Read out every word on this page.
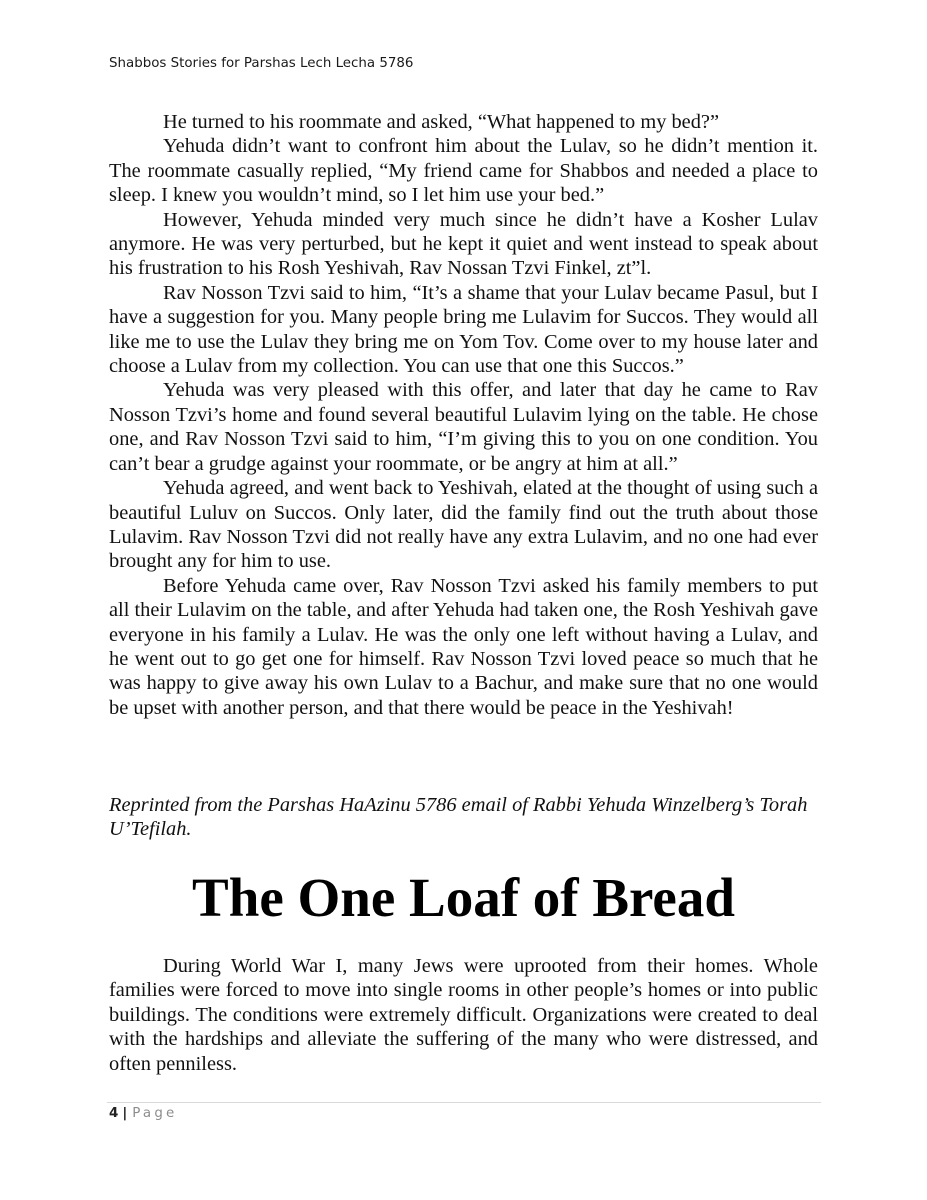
Shabbos Stories for Parshas Lech Lecha 5786

He turned to his roommate and asked, “What happened to my bed?”

Yehuda didn’t want to confront him about the Lulav, so he didn’t mention it. The roommate casually replied, “My friend came for Shabbos and needed a place to sleep. I knew you wouldn’t mind, so I let him use your bed.”

However, Yehuda minded very much since he didn’t have a Kosher Lulav anymore. He was very perturbed, but he kept it quiet and went instead to speak about his frustration to his Rosh Yeshivah, Rav Nossan Tzvi Finkel, zt”l.

Rav Nosson Tzvi said to him, “It’s a shame that your Lulav became Pasul, but I have a suggestion for you. Many people bring me Lulavim for Succos. They would all like me to use the Lulav they bring me on Yom Tov. Come over to my house later and choose a Lulav from my collection. You can use that one this Succos.”

Yehuda was very pleased with this offer, and later that day he came to Rav Nosson Tzvi’s home and found several beautiful Lulavim lying on the table. He chose one, and Rav Nosson Tzvi said to him, “I’m giving this to you on one condition. You can’t bear a grudge against your roommate, or be angry at him at all.”

Yehuda agreed, and went back to Yeshivah, elated at the thought of using such a beautiful Luluv on Succos. Only later, did the family find out the truth about those Lulavim. Rav Nosson Tzvi did not really have any extra Lulavim, and no one had ever brought any for him to use.

Before Yehuda came over, Rav Nosson Tzvi asked his family members to put all their Lulavim on the table, and after Yehuda had taken one, the Rosh Yeshivah gave everyone in his family a Lulav. He was the only one left without having a Lulav, and he went out to go get one for himself. Rav Nosson Tzvi loved peace so much that he was happy to give away his own Lulav to a Bachur, and make sure that no one would be upset with another person, and that there would be peace in the Yeshivah!

Reprinted from the Parshas HaAzinu 5786 email of Rabbi Yehuda Winzelberg’s Torah U’Tefilah.

The One Loaf of Bread

During World War I, many Jews were uprooted from their homes. Whole families were forced to move into single rooms in other people’s homes or into public buildings. The conditions were extremely difficult. Organizations were created to deal with the hardships and alleviate the suffering of the many who were distressed, and often penniless.

4 | Page
